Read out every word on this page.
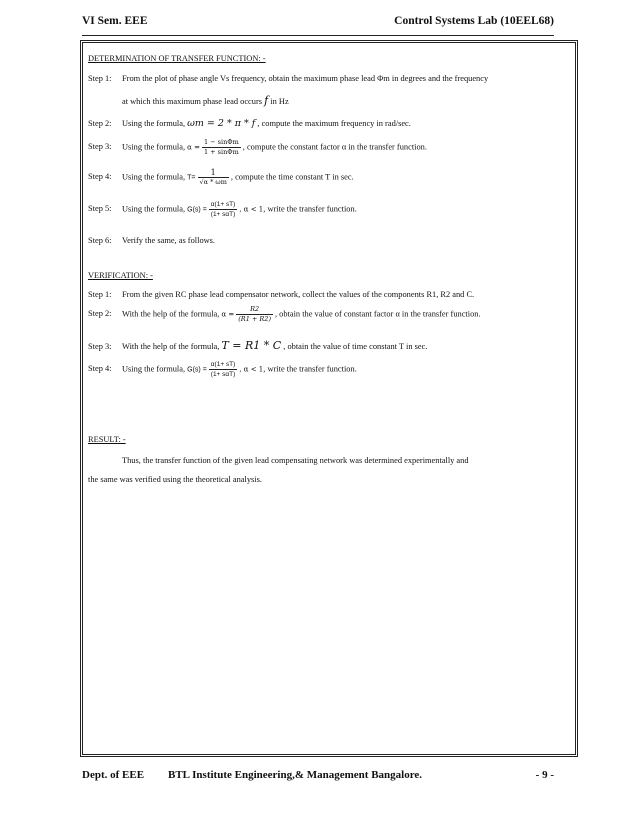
VI Sem. EEE	Control Systems Lab (10EEL68)
DETERMINATION OF TRANSFER FUNCTION: -
Step 1: From the plot of phase angle Vs frequency, obtain the maximum phase lead Φm in degrees and the frequency
at which this maximum phase lead occurs f in Hz
Step 2: Using the formula, ωm = 2 * π * f , compute the maximum frequency in rad/sec.
Step 3: Using the formula, $\alpha = \frac{1 - \sin\Phi m}{1 + \sin\Phi m}$ , compute the constant factor α in the transfer function.
Step 4: Using the formula, $T= \frac{1}{√\alpha * \omega m}$ , compute the time constant T in sec.
Step 5: Using the formula, $G(s) = \frac{\alpha(1+ sT)}{\text{(1+ sαT)}}$ , α < 1, write the transfer function.
Step 6: Verify the same, as follows.
VERIFICATION: -
Step 1: From the given RC phase lead compensator network, collect the values of the components R1, R2 and C.
Step 2: With the help of the formula, $\alpha = \frac{R2}{(R1 + R2)}$ , obtain the value of constant factor α in the transfer function.
Step 3: With the help of the formula, T = R1 * C , obtain the value of time constant T in sec.
Step 4: Using the formula, $G(s) = \frac{\alpha(1+ sT)}{\text{(1+ sαT)}}$ , α < 1, write the transfer function.
RESULT: -
Thus, the transfer function of the given lead compensating network was determined experimentally and
the same was verified using the theoretical analysis.
Dept. of EEE BTL Institute Engineering,& Management Bangalore.	- 9 -
